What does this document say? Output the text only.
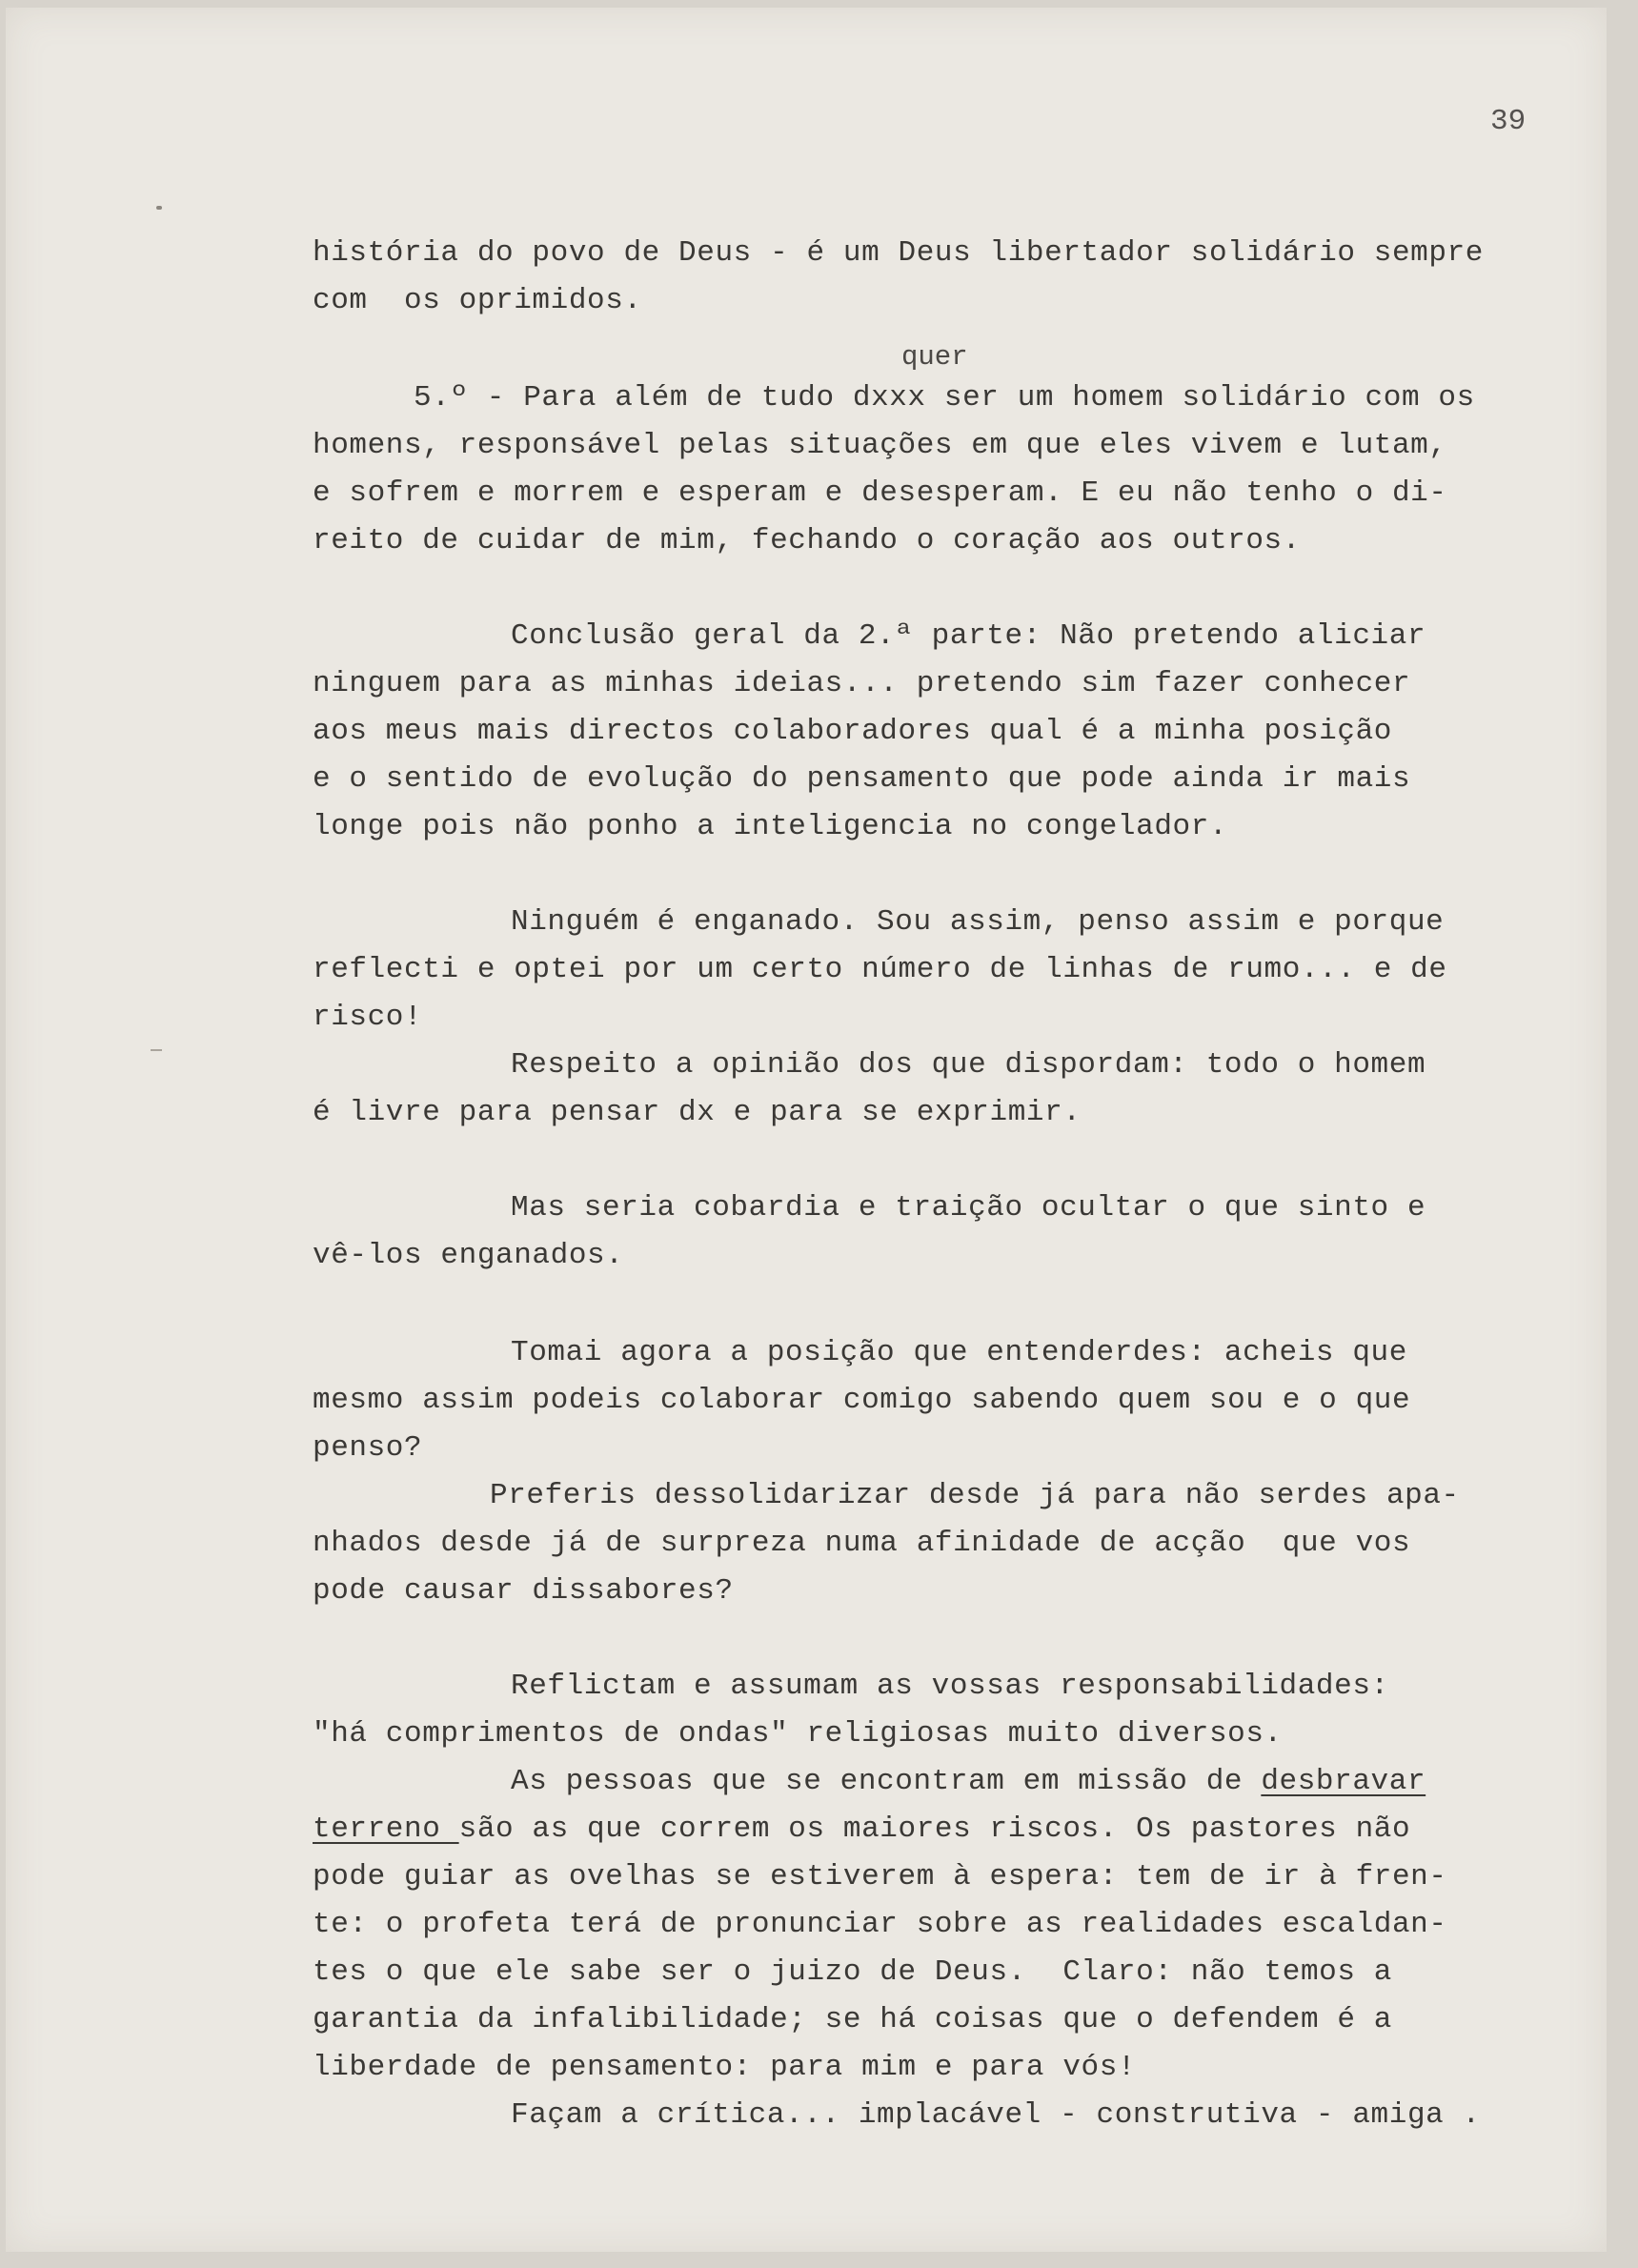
39
quer
história do povo de Deus - é um Deus libertador solidário sempre
com  os oprimidos.
5.º - Para além de tudo dxxx ser um homem solidário com os
homens, responsável pelas situações em que eles vivem e lutam,
e sofrem e morrem e esperam e desesperam. E eu não tenho o di-
reito de cuidar de mim, fechando o coração aos outros.
Conclusão geral da 2.ª parte: Não pretendo aliciar
ninguem para as minhas ideias... pretendo sim fazer conhecer
aos meus mais directos colaboradores qual é a minha posição
e o sentido de evolução do pensamento que pode ainda ir mais
longe pois não ponho a inteligencia no congelador.
Ninguém é enganado. Sou assim, penso assim e porque
reflecti e optei por um certo número de linhas de rumo... e de
risco!
Respeito a opinião dos que dispordam: todo o homem
é livre para pensar dx e para se exprimir.
Mas seria cobardia e traição ocultar o que sinto e
vê-los enganados.
Tomai agora a posição que entenderdes: acheis que
mesmo assim podeis colaborar comigo sabendo quem sou e o que
penso?
Preferis dessolidarizar desde já para não serdes apa-
nhados desde já de surpreza numa afinidade de acção  que vos
pode causar dissabores?
Reflictam e assumam as vossas responsabilidades:
"há comprimentos de ondas" religiosas muito diversos.
As pessoas que se encontram em missão de desbravar
terreno são as que correm os maiores riscos. Os pastores não
pode guiar as ovelhas se estiverem à espera: tem de ir à fren-
te: o profeta terá de pronunciar sobre as realidades escaldan-
tes o que ele sabe ser o juizo de Deus.  Claro: não temos a
garantia da infalibilidade; se há coisas que o defendem é a
liberdade de pensamento: para mim e para vós!
Façam a crítica... implacável - construtiva - amiga .
